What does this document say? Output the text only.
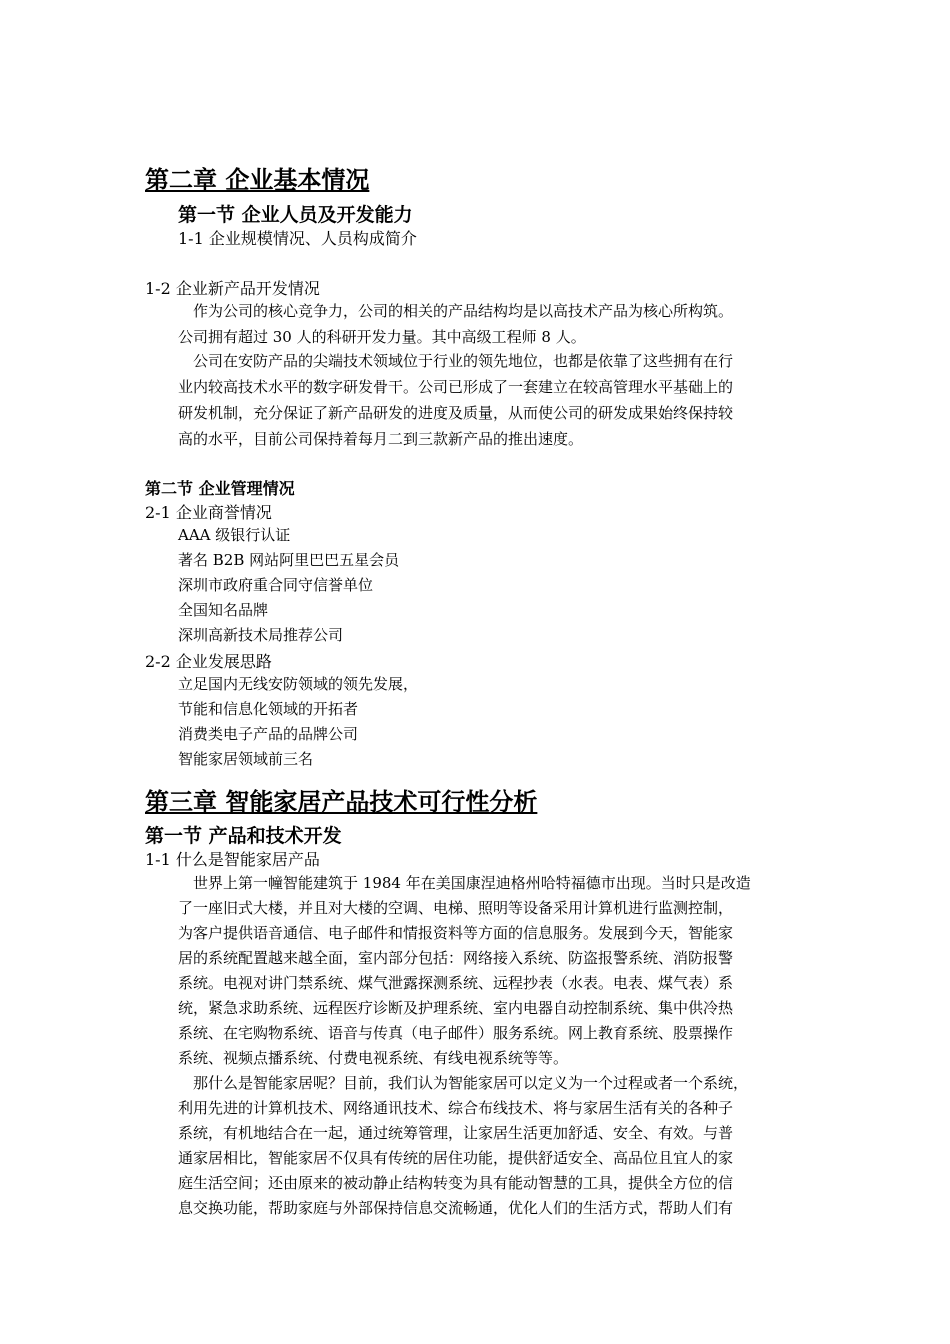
第二章 企业基本情况
第一节 企业人员及开发能力
1-1 企业规模情况、人员构成简介
1-2 企业新产品开发情况
　作为公司的核心竞争力，公司的相关的产品结构均是以高技术产品为核心所构筑。
公司拥有超过 30 人的科研开发力量。其中高级工程师 8 人。
　公司在安防产品的尖端技术领域位于行业的领先地位，也都是依靠了这些拥有在行
业内较高技术水平的数字研发骨干。公司已形成了一套建立在较高管理水平基础上的
研发机制，充分保证了新产品研发的进度及质量，从而使公司的研发成果始终保持较
高的水平，目前公司保持着每月二到三款新产品的推出速度。
第二节 企业管理情况
2-1 企业商誉情况
AAA 级银行认证
著名 B2B 网站阿里巴巴五星会员
深圳市政府重合同守信誉单位
全国知名品牌
深圳高新技术局推荐公司
2-2 企业发展思路
立足国内无线安防领域的领先发展，
节能和信息化领域的开拓者
消费类电子产品的品牌公司
智能家居领域前三名
第三章 智能家居产品技术可行性分析
第一节 产品和技术开发
1-1 什么是智能家居产品
　世界上第一幢智能建筑于 1984 年在美国康涅迪格州哈特福德市出现。当时只是改造
了一座旧式大楼，并且对大楼的空调、电梯、照明等设备采用计算机进行监测控制，
为客户提供语音通信、电子邮件和情报资料等方面的信息服务。发展到今天，智能家
居的系统配置越来越全面，室内部分包括：网络接入系统、防盗报警系统、消防报警
系统。电视对讲门禁系统、煤气泄露探测系统、远程抄表（水表。电表、煤气表）系
统，紧急求助系统、远程医疗诊断及护理系统、室内电器自动控制系统、集中供冷热
系统、在宅购物系统、语音与传真（电子邮件）服务系统。网上教育系统、股票操作
系统、视频点播系统、付费电视系统、有线电视系统等等。
　那什么是智能家居呢？目前，我们认为智能家居可以定义为一个过程或者一个系统，
利用先进的计算机技术、网络通讯技术、综合布线技术、将与家居生活有关的各种子
系统，有机地结合在一起，通过统筹管理，让家居生活更加舒适、安全、有效。与普
通家居相比，智能家居不仅具有传统的居住功能，提供舒适安全、高品位且宜人的家
庭生活空间；还由原来的被动静止结构转变为具有能动智慧的工具，提供全方位的信
息交换功能，帮助家庭与外部保持信息交流畅通，优化人们的生活方式，帮助人们有
